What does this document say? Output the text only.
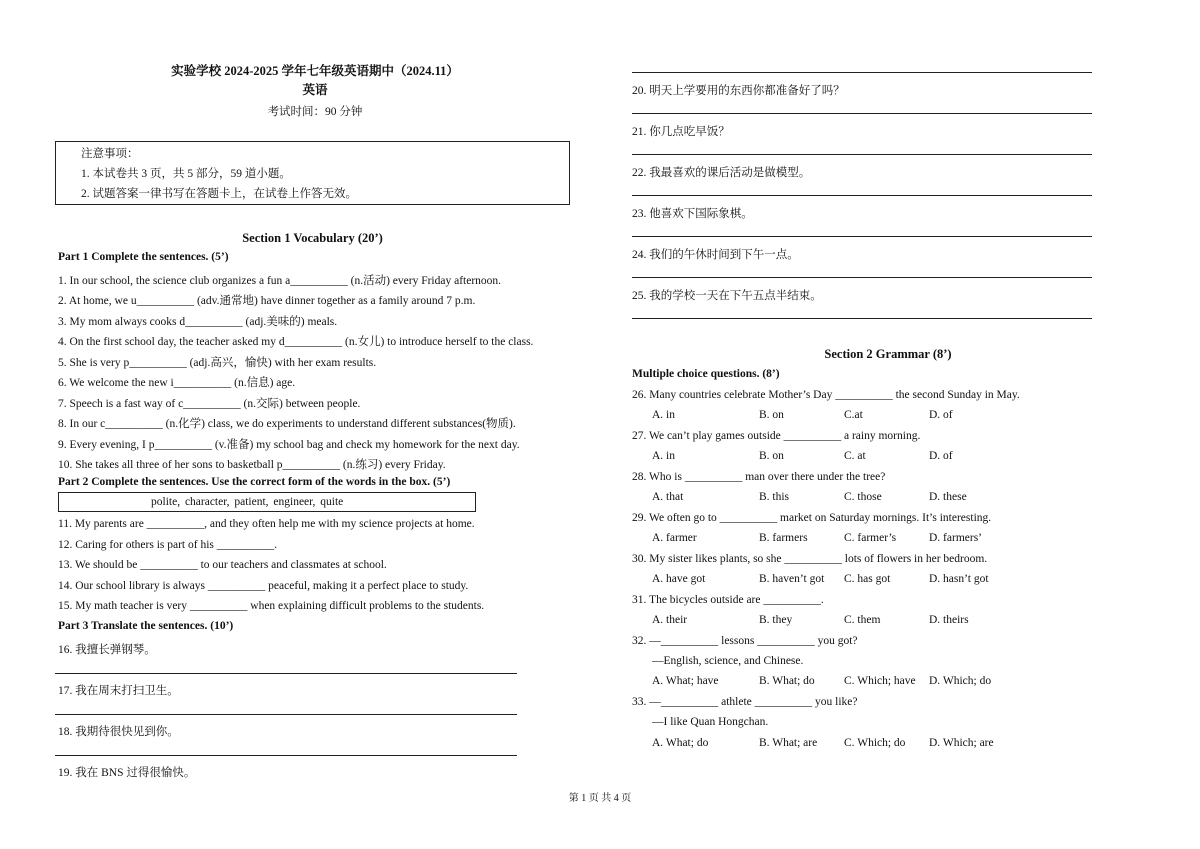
实验学校 2024-2025 学年七年级英语期中（2024.11）
英语
考试时间：90 分钟
注意事项：
1. 本试卷共 3 页，共 5 部分，59 道小题。
2. 试题答案一律书写在答题卡上，在试卷上作答无效。
Section 1 Vocabulary (20’)
Part 1 Complete the sentences. (5’)
1. In our school, the science club organizes a fun a__________ (n.活动) every Friday afternoon.
2. At home, we u__________ (adv.通常地) have dinner together as a family around 7 p.m.
3. My mom always cooks d__________ (adj.美味的) meals.
4. On the first school day, the teacher asked my d__________ (n.女儿) to introduce herself to the class.
5. She is very p__________ (adj.高兴，愉快) with her exam results.
6. We welcome the new i__________ (n.信息) age.
7. Speech is a fast way of c__________ (n.交际) between people.
8. In our c__________ (n.化学) class, we do experiments to understand different substances(物质).
9. Every evening, I p__________ (v.准备) my school bag and check my homework for the next day.
10. She takes all three of her sons to basketball p__________ (n.练习) every Friday.
Part 2 Complete the sentences. Use the correct form of the words in the box. (5’)
polite, character, patient, engineer, quite
11. My parents are __________, and they often help me with my science projects at home.
12. Caring for others is part of his __________.
13. We should be __________ to our teachers and classmates at school.
14. Our school library is always __________ peaceful, making it a perfect place to study.
15. My math teacher is very __________ when explaining difficult problems to the students.
Part 3 Translate the sentences. (10’)
16. 我擅长弹钢琴。
17. 我在周末打扫卫生。
18. 我期待很快见到你。
19. 我在 BNS 过得很愉快。
20. 明天上学要用的东西你都准备好了吗？
21. 你几点吃早饭？
22. 我最喜欢的课后活动是做模型。
23. 他喜欢下国际象棋。
24. 我们的午休时间到下午一点。
25. 我的学校一天在下午五点半结束。
Section 2 Grammar (8’)
Multiple choice questions. (8’)
26. Many countries celebrate Mother’s Day __________ the second Sunday in May.
A. in	B. on	C.at	D. of
27. We can’t play games outside __________ a rainy morning.
A. in	B. on	C. at	D. of
28. Who is __________ man over there under the tree?
A. that	B. this	C. those	D. these
29. We often go to __________ market on Saturday mornings. It’s interesting.
A. farmer	B. farmers	C. farmer’s	D. farmers’
30. My sister likes plants, so she __________ lots of flowers in her bedroom.
A. have got	B. haven’t got C. has got	D. hasn’t got
31. The bicycles outside are __________.
A. their	B. they	C. them	D. theirs
32. —__________ lessons __________ you got?
—English, science, and Chinese.
A. What; have	B. What; do	C. Which; have D. Which; do
33. —__________ athlete __________ you like?
—I like Quan Hongchan.
A. What; do	B. What; are C. Which; do D. Which; are
第 1 页 共 4 页
